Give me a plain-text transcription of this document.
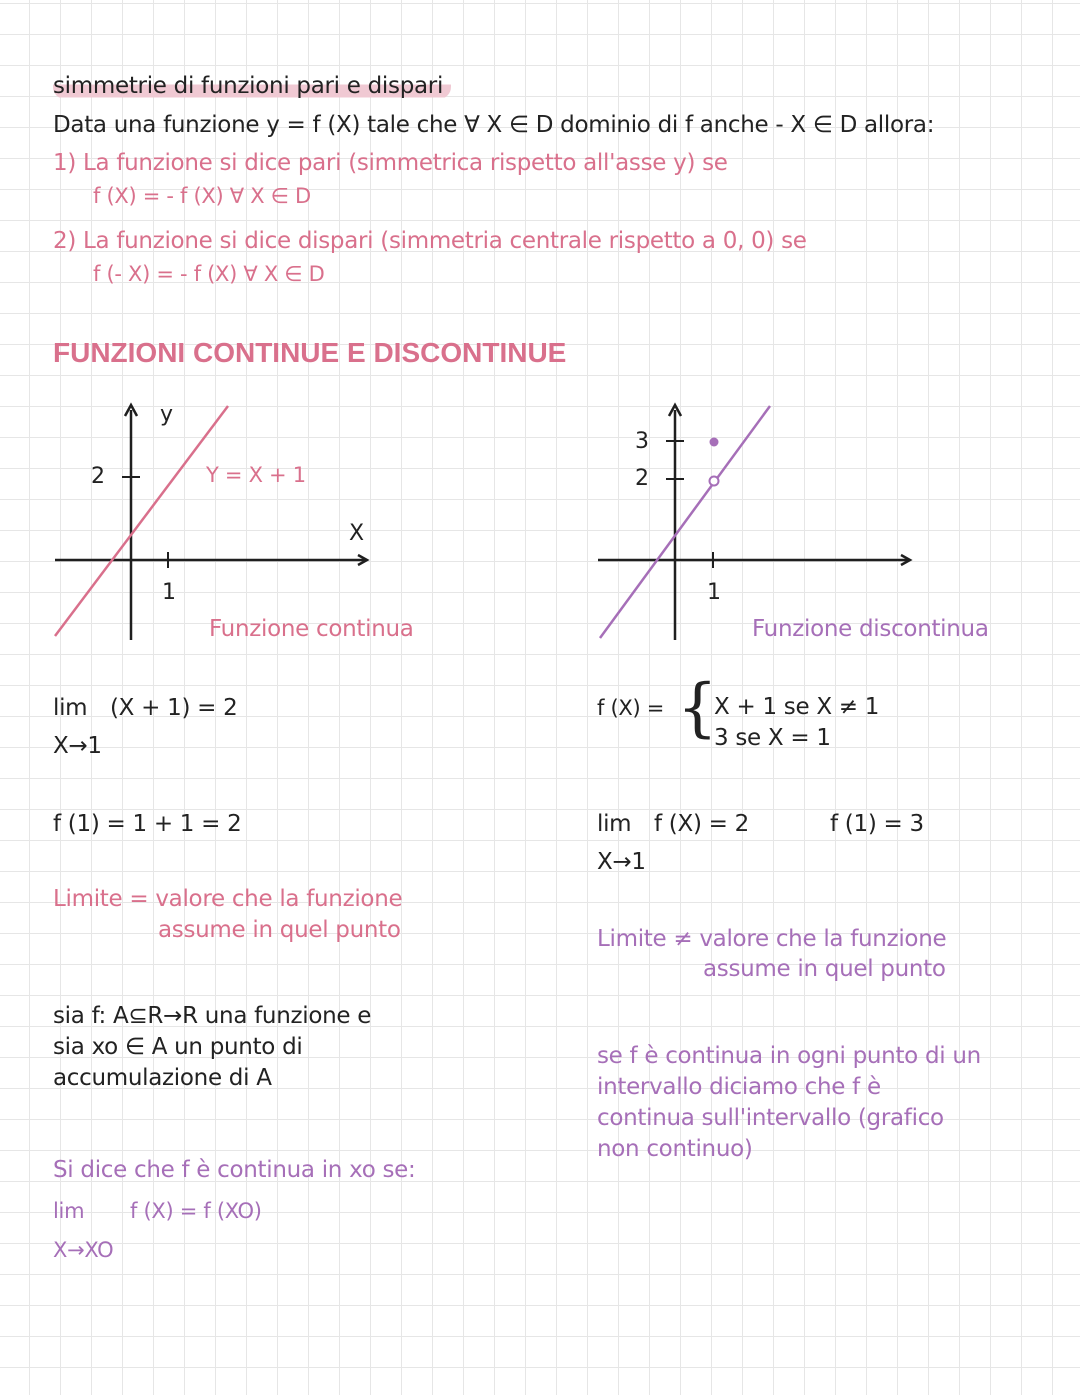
simmetrie di funzioni pari e dispari
Data una funzione y = f (X) tale che ∀ X ∈ D dominio di f anche - X ∈ D allora:
1) La funzione si dice pari (simmetrica rispetto all'asse y) se
f (X) = - f (X) ∀ X ∈ D
2) La funzione si dice dispari (simmetria centrale rispetto a 0, 0) se
f (- X) = - f (X) ∀ X ∈ D
FUNZIONI CONTINUE E DISCONTINUE
y
X
2
1
Y = X + 1
Funzione continua
3
2
1
Funzione discontinua
lim (X + 1) = 2
X→1
f (1) = 1 + 1 = 2
Limite = valore che la funzione
assume in quel punto
sia f: A⊆R→R una funzione e
sia xo ∈ A un punto di
accumulazione di A
Si dice che f è continua in xo se:
lim f (X) = f (XO)
X→XO
f (X) = {
X + 1 se X ≠ 1
3 se X = 1
lim f (X) = 2
X→1
f (1) = 3
Limite ≠ valore che la funzione
assume in quel punto
se f è continua in ogni punto di un
intervallo diciamo che f è
continua sull'intervallo (grafico
non continuo)
